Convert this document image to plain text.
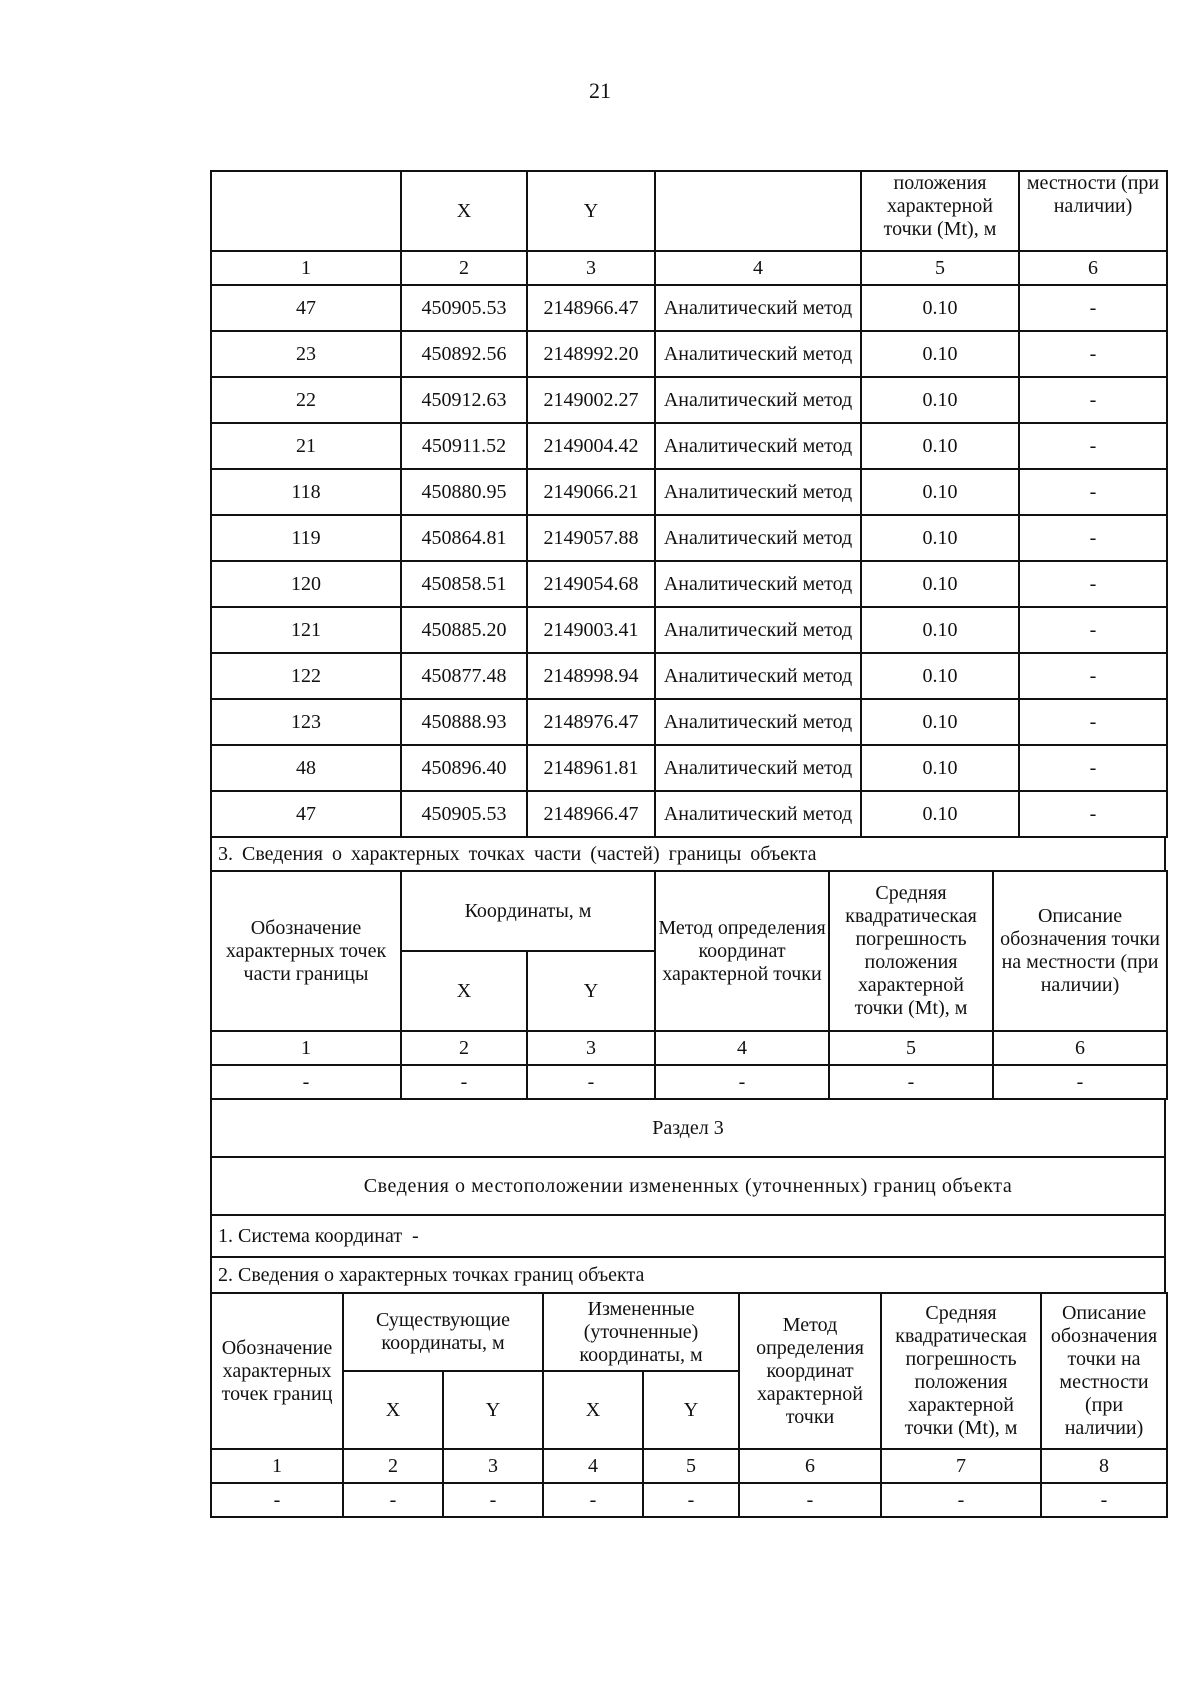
21
	X	Y		положения характерной точки (Mt), м	местности (при наличии)
1	2	3	4	5	6
47	450905.53	2148966.47	Аналитический метод	0.10	-
23	450892.56	2148992.20	Аналитический метод	0.10	-
22	450912.63	2149002.27	Аналитический метод	0.10	-
21	450911.52	2149004.42	Аналитический метод	0.10	-
118	450880.95	2149066.21	Аналитический метод	0.10	-
119	450864.81	2149057.88	Аналитический метод	0.10	-
120	450858.51	2149054.68	Аналитический метод	0.10	-
121	450885.20	2149003.41	Аналитический метод	0.10	-
122	450877.48	2148998.94	Аналитический метод	0.10	-
123	450888.93	2148976.47	Аналитический метод	0.10	-
48	450896.40	2148961.81	Аналитический метод	0.10	-
47	450905.53	2148966.47	Аналитический метод	0.10	-
3. Сведения о характерных точках части (частей) границы объекта
Обозначение характерных точек части границы	Координаты, м		Метод определения координат характерной точки	Средняя квадратическая погрешность положения характерной точки (Mt), м	Описание обозначения точки на местности (при наличии)
	X	Y			
1	2	3	4	5	6
-	-	-	-	-	-
Раздел 3
Сведения о местоположении измененных (уточненных) границ объекта
1. Система координат  -
2. Сведения о характерных точках границ объекта
Обозначение характерных точек границ	Существующие координаты, м		Измененные (уточненные) координаты, м		Метод определения координат характерной точки	Средняя квадратическая погрешность положения характерной точки (Mt), м	Описание обозначения точки на местности (при наличии)
	X	Y	X	Y			
1	2	3	4	5	6	7	8
-	-	-	-	-	-	-	-
